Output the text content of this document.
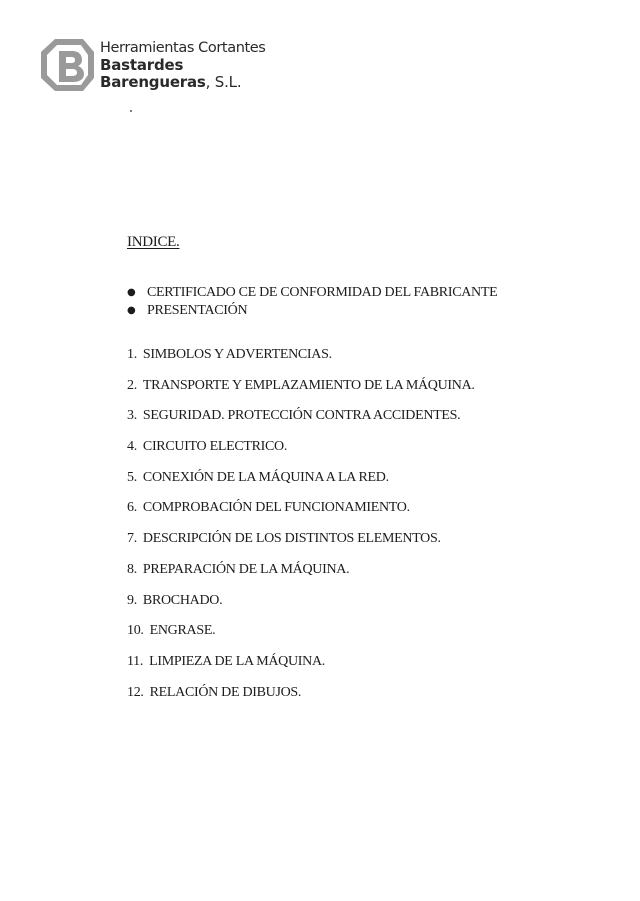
Herramientas Cortantes
Bastardes
Barengueras, S.L.
INDICE.
● CERTIFICADO CE DE CONFORMIDAD DEL FABRICANTE
● PRESENTACIÓN
1. SIMBOLOS Y ADVERTENCIAS.
2. TRANSPORTE Y EMPLAZAMIENTO DE LA MÁQUINA.
3. SEGURIDAD. PROTECCIÓN CONTRA ACCIDENTES.
4. CIRCUITO ELECTRICO.
5. CONEXIÓN DE LA MÁQUINA A LA RED.
6. COMPROBACIÓN DEL FUNCIONAMIENTO.
7. DESCRIPCIÓN DE LOS DISTINTOS ELEMENTOS.
8. PREPARACIÓN DE LA MÁQUINA.
9. BROCHADO.
10. ENGRASE.
11. LIMPIEZA DE LA MÁQUINA.
12. RELACIÓN DE DIBUJOS.
